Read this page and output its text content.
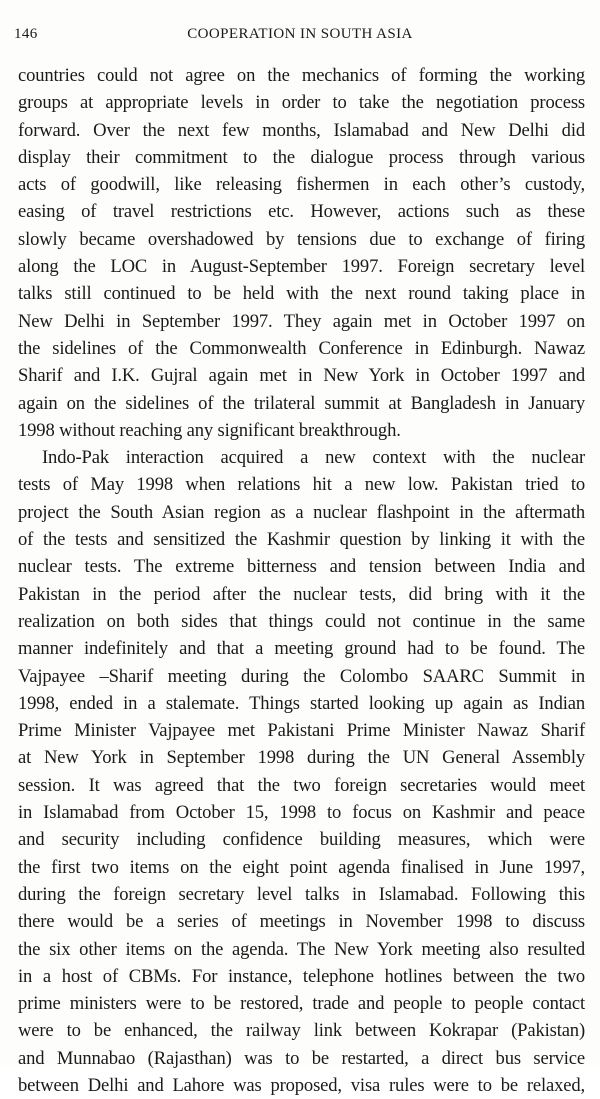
146	COOPERATION IN SOUTH ASIA
countries could not agree on the mechanics of forming the working
groups at appropriate levels in order to take the negotiation process
forward. Over the next few months, Islamabad and New Delhi did
display their commitment to the dialogue process through various
acts of goodwill, like releasing fishermen in each other’s custody,
easing of travel restrictions etc. However, actions such as these
slowly became overshadowed by tensions due to exchange of firing
along the LOC in August-September 1997. Foreign secretary level
talks still continued to be held with the next round taking place in
New Delhi in September 1997. They again met in October 1997 on
the sidelines of the Commonwealth Conference in Edinburgh. Nawaz
Sharif and I.K. Gujral again met in New York in October 1997 and
again on the sidelines of the trilateral summit at Bangladesh in January
1998 without reaching any significant breakthrough.
Indo-Pak interaction acquired a new context with the nuclear
tests of May 1998 when relations hit a new low. Pakistan tried to
project the South Asian region as a nuclear flashpoint in the aftermath
of the tests and sensitized the Kashmir question by linking it with the
nuclear tests. The extreme bitterness and tension between India and
Pakistan in the period after the nuclear tests, did bring with it the
realization on both sides that things could not continue in the same
manner indefinitely and that a meeting ground had to be found. The
Vajpayee –Sharif meeting during the Colombo SAARC Summit in
1998, ended in a stalemate. Things started looking up again as Indian
Prime Minister Vajpayee met Pakistani Prime Minister Nawaz Sharif
at New York in September 1998 during the UN General Assembly
session. It was agreed that the two foreign secretaries would meet
in Islamabad from October 15, 1998 to focus on Kashmir and peace
and security including confidence building measures, which were
the first two items on the eight point agenda finalised in June 1997,
during the foreign secretary level talks in Islamabad. Following this
there would be a series of meetings in November 1998 to discuss
the six other items on the agenda. The New York meeting also resulted
in a host of CBMs. For instance, telephone hotlines between the two
prime ministers were to be restored, trade and people to people contact
were to be enhanced, the railway link between Kokrapar (Pakistan)
and Munnabao (Rajasthan) was to be restarted, a direct bus service
between Delhi and Lahore was proposed, visa rules were to be relaxed,
